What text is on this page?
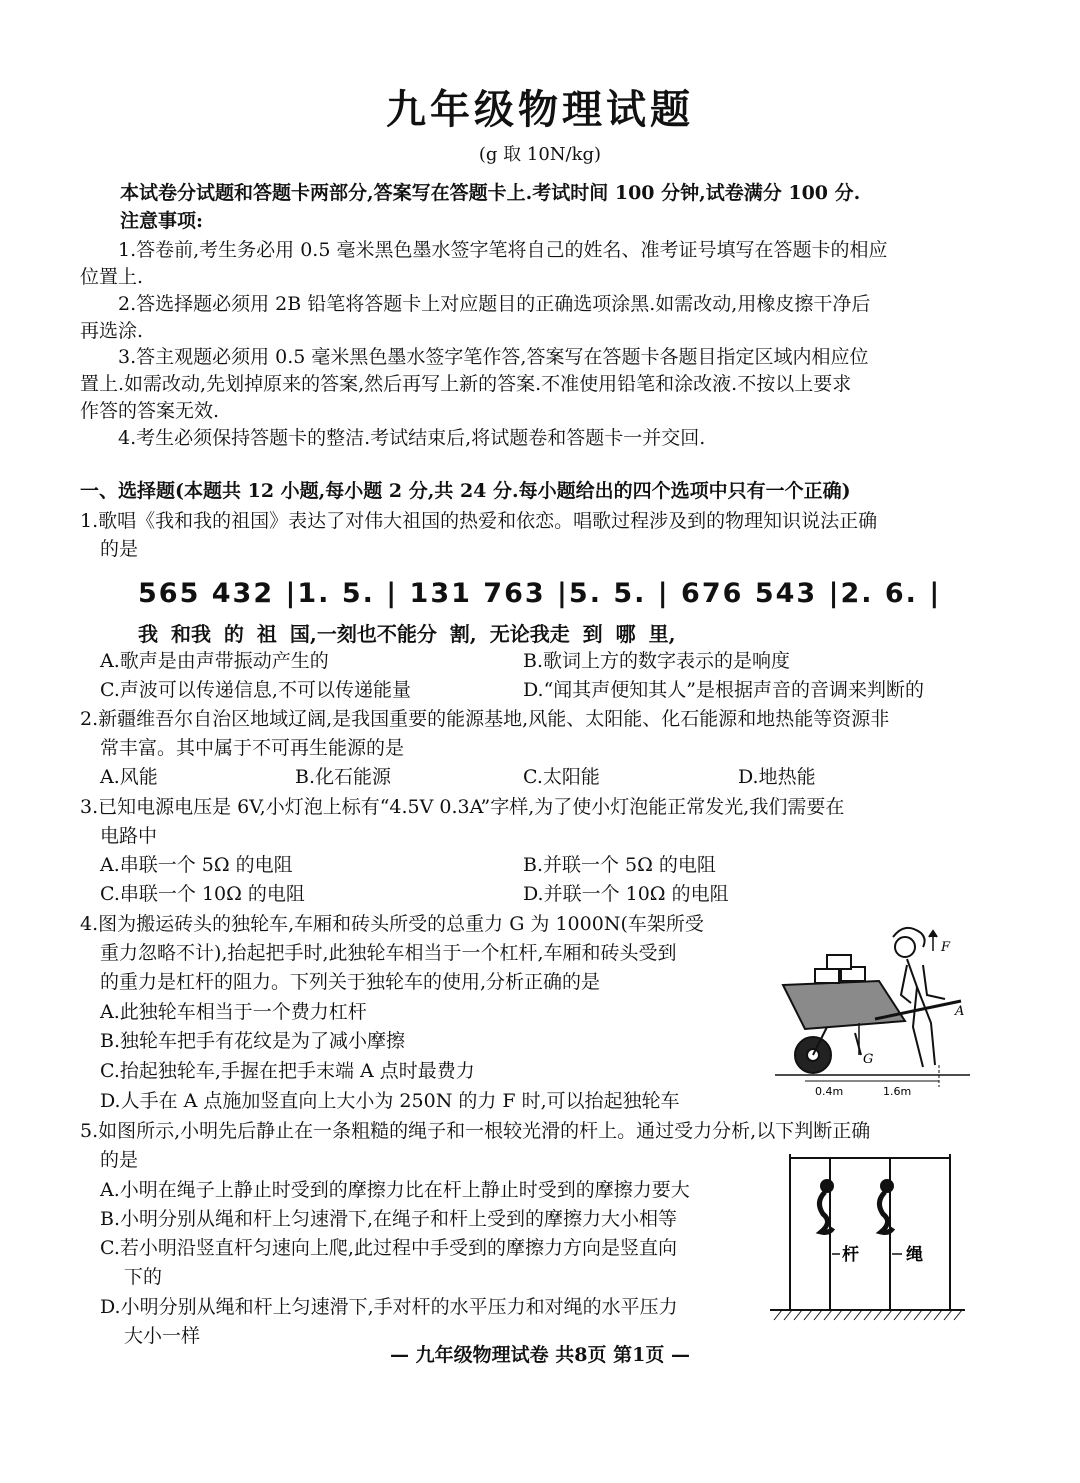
九年级物理试题
(g 取 10N/kg)
本试卷分试题和答题卡两部分,答案写在答题卡上.考试时间 100 分钟,试卷满分 100 分.
注意事项:
1.答卷前,考生务必用 0.5 毫米黑色墨水签字笔将自己的姓名、准考证号填写在答题卡的相应
位置上.
2.答选择题必须用 2B 铅笔将答题卡上对应题目的正确选项涂黑.如需改动,用橡皮擦干净后
再选涂.
3.答主观题必须用 0.5 毫米黑色墨水签字笔作答,答案写在答题卡各题目指定区域内相应位
置上.如需改动,先划掉原来的答案,然后再写上新的答案.不准使用铅笔和涂改液.不按以上要求
作答的答案无效.
4.考生必须保持答题卡的整洁.考试结束后,将试题卷和答题卡一并交回.
一、选择题(本题共 12 小题,每小题 2 分,共 24 分.每小题给出的四个选项中只有一个正确)
1.歌唱《我和我的祖国》表达了对伟大祖国的热爱和依恋。唱歌过程涉及到的物理知识说法正确
的是
565 432 |1. 5. | 131 763 |5. 5. | 676 543 |2. 6. |
我 和我 的 祖 国,一刻也不能分 割, 无论我走 到 哪 里,
A.歌声是由声带振动产生的	B.歌词上方的数字表示的是响度
C.声波可以传递信息,不可以传递能量	D.“闻其声便知其人”是根据声音的音调来判断的
2.新疆维吾尔自治区地域辽阔,是我国重要的能源基地,风能、太阳能、化石能源和地热能等资源非
常丰富。其中属于不可再生能源的是
A.风能	B.化石能源	C.太阳能	D.地热能
3.已知电源电压是 6V,小灯泡上标有“4.5V 0.3A”字样,为了使小灯泡能正常发光,我们需要在
电路中
A.串联一个 5Ω 的电阻	B.并联一个 5Ω 的电阻
C.串联一个 10Ω 的电阻	D.并联一个 10Ω 的电阻
4.图为搬运砖头的独轮车,车厢和砖头所受的总重力 G 为 1000N(车架所受
重力忽略不计),抬起把手时,此独轮车相当于一个杠杆,车厢和砖头受到
的重力是杠杆的阻力。下列关于独轮车的使用,分析正确的是
A.此独轮车相当于一个费力杠杆
B.独轮车把手有花纹是为了减小摩擦
C.抬起独轮车,手握在把手末端 A 点时最费力
D.人手在 A 点施加竖直向上大小为 250N 的力 F 时,可以抬起独轮车
F
A
G
0.4m	1.6m
5.如图所示,小明先后静止在一条粗糙的绳子和一根较光滑的杆上。通过受力分析,以下判断正确
的是
A.小明在绳子上静止时受到的摩擦力比在杆上静止时受到的摩擦力要大
B.小明分别从绳和杆上匀速滑下,在绳子和杆上受到的摩擦力大小相等
C.若小明沿竖直杆匀速向上爬,此过程中手受到的摩擦力方向是竖直向
下的
D.小明分别从绳和杆上匀速滑下,手对杆的水平压力和对绳的水平压力
大小一样
杆	绳
— 九年级物理试卷 共8页 第1页 —
